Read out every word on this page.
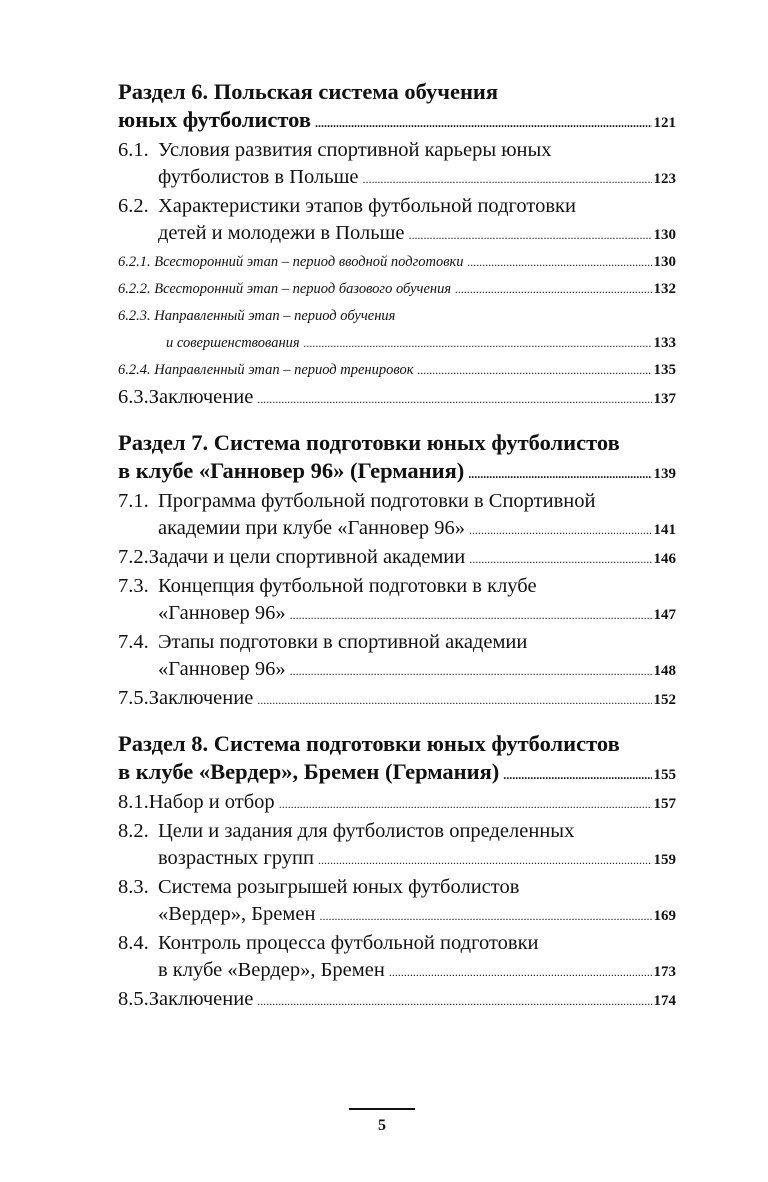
Раздел 6. Польская система обучения
юных футболистов .....	121
6.1. Условия развития спортивной карьеры юных
футболистов в Польше .....	123
6.2. Характеристики этапов футбольной подготовки
детей и молодежи в Польше .....	130
6.2.1. Всесторонний этап – период вводной подготовки .....	130
6.2.2. Всесторонний этап – период базового обучения .....	132
6.2.3. Направленный этап – период обучения
и совершенствования .....	133
6.2.4. Направленный этап – период тренировок .....	135
6.3. Заключение .....	137
Раздел 7. Система подготовки юных футболистов
в клубе «Ганновер 96» (Германия) .....	139
7.1. Программа футбольной подготовки в Спортивной
академии при клубе «Ганновер 96» .....	141
7.2. Задачи и цели спортивной академии .....	146
7.3. Концепция футбольной подготовки в клубе
«Ганновер 96» .....	147
7.4. Этапы подготовки в спортивной академии
«Ганновер 96» .....	148
7.5. Заключение .....	152
Раздел 8. Система подготовки юных футболистов
в клубе «Вердер», Бремен (Германия) .....	155
8.1. Набор и отбор .....	157
8.2. Цели и задания для футболистов определенных
возрастных групп .....	159
8.3. Система розыгрышей юных футболистов
«Вердер», Бремен .....	169
8.4. Контроль процесса футбольной подготовки
в клубе «Вердер», Бремен .....	173
8.5. Заключение .....	174
5
